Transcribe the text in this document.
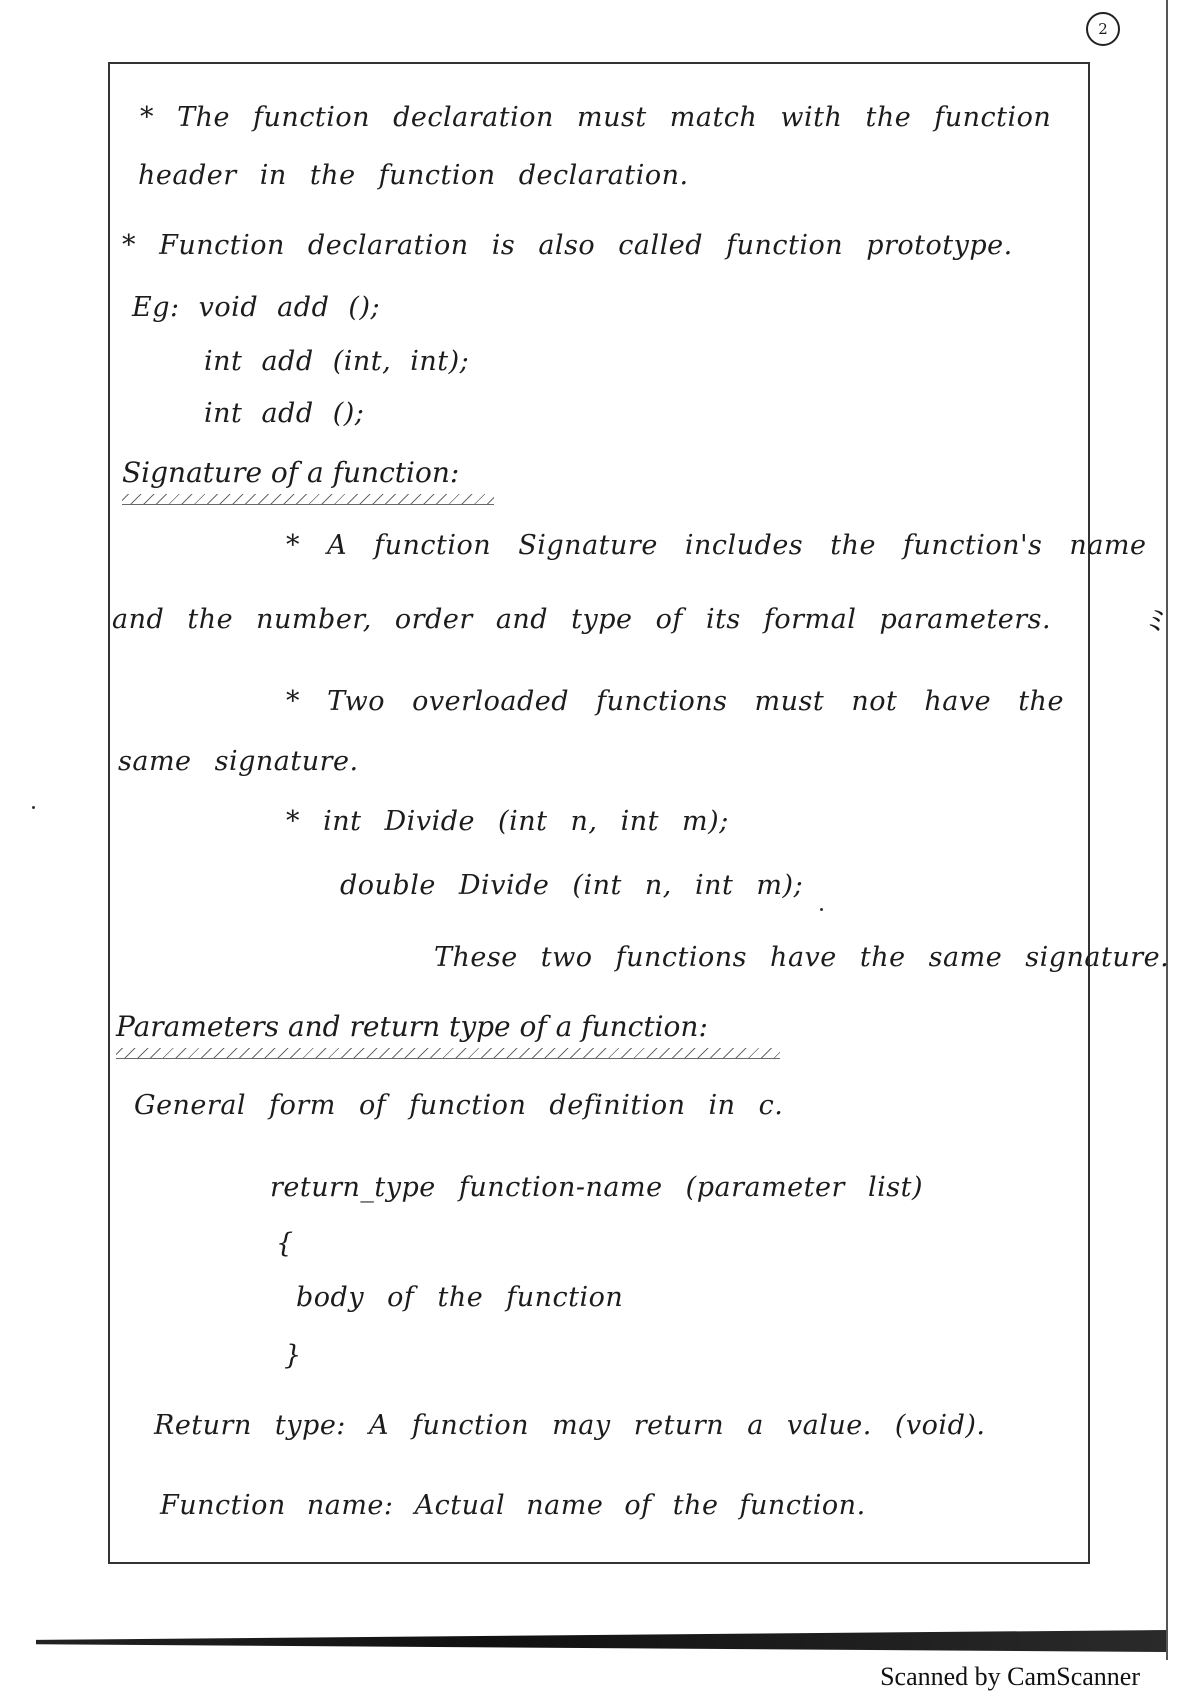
2
* The function declaration must match with the function
header in the function declaration.
* Function declaration is also called function prototype.
Eg: void add ();
int add (int, int);
int add ();
Signature of a function:
* A function Signature includes the function's name
and the number, order and type of its formal parameters.
* Two overloaded functions must not have the
same signature.
* int Divide (int n, int m);
double Divide (int n, int m);
These two functions have the same signature.
Parameters and return type of a function:
General form of function definition in c.
return_type function-name (parameter list)
{
body of the function
}
Return type: A function may return a value. (void).
Function name: Actual name of the function.
ﾐ
Scanned by CamScanner
